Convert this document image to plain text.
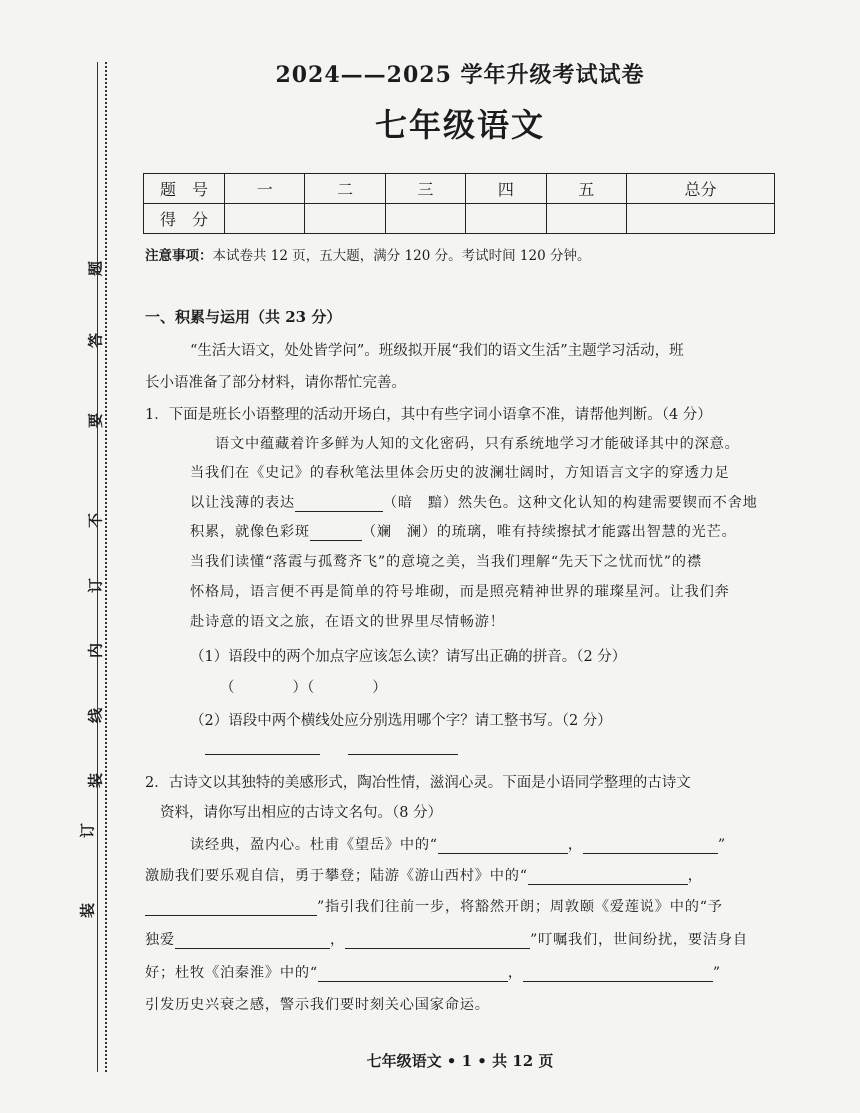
装
订
装
线
内
订
不
要
答
题
2024——2025 学年升级考试试卷
七年级语文
题　号	一	二	三	四	五	总分
得　分						
注意事项：本试卷共 12 页，五大题，满分 120 分。考试时间 120 分钟。
一、积累与运用（共 23 分）
“生活大语文，处处皆学问”。班级拟开展“我们的语文生活”主题学习活动，班
长小语准备了部分材料，请你帮忙完善。
1．下面是班长小语整理的活动开场白，其中有些字词小语拿不准，请帮他判断。（4 分）
语文中蕴藏着许多鲜为人知的文化密码，只有系统地学习才能破译其中的深意。
当我们在《史记》的春秋笔法里体会历史的波澜壮阔时，方知语言文字的穿透力足
以让浅薄的表达	（暗　黯）然失色。这种文化认知的构建需要锲而不舍地
积累，就像色彩斑	（斓　澜）的琉璃，唯有持续擦拭才能露出智慧的光芒。
当我们读懂“落霞与孤鹜齐飞”的意境之美，当我们理解“先天下之忧而忧”的襟
怀格局，语言便不再是简单的符号堆砌，而是照亮精神世界的璀璨星河。让我们奔
赴诗意的语文之旅，在语文的世界里尽情畅游！
（1）语段中的两个加点字应该怎么读？请写出正确的拼音。（2 分）
（　　　　）（　　　　）
（2）语段中两个横线处应分别选用哪个字？请工整书写。（2 分）
2．古诗文以其独特的美感形式，陶冶性情，滋润心灵。下面是小语同学整理的古诗文
资料，请你写出相应的古诗文名句。（8 分）
读经典，盈内心。杜甫《望岳》中的“	，	”
激励我们要乐观自信，勇于攀登；陆游《游山西村》中的“	，
”指引我们往前一步，将豁然开朗；周敦颐《爱莲说》中的“予
独爱	，	”叮嘱我们，世间纷扰，要洁身自
好；杜牧《泊秦淮》中的“	，	”
引发历史兴衰之感，警示我们要时刻关心国家命运。
七年级语文 • 1 • 共 12 页
